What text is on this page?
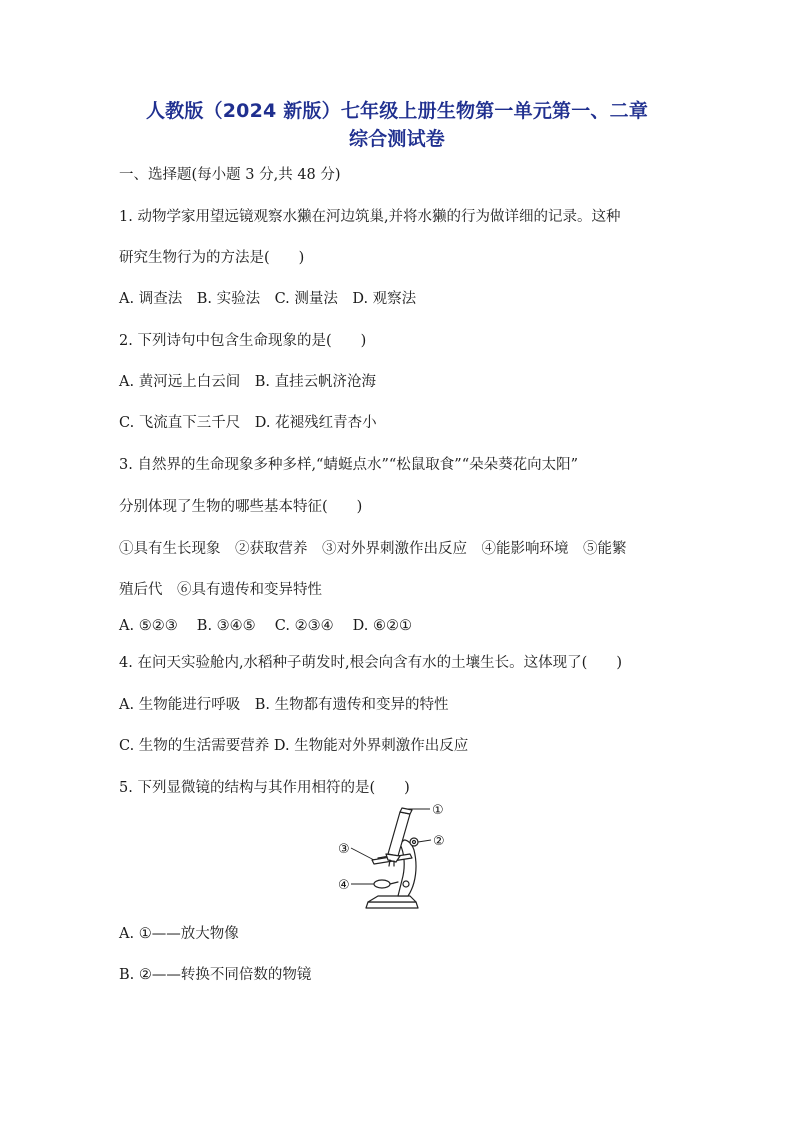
人教版（2024 新版）七年级上册生物第一单元第一、二章
综合测试卷
一、选择题(每小题 3 分,共 48 分)
1. 动物学家用望远镜观察水獭在河边筑巢,并将水獭的行为做详细的记录。这种
研究生物行为的方法是(　　)
A. 调查法　B. 实验法　C. 测量法　D. 观察法
2. 下列诗句中包含生命现象的是(　　)
A. 黄河远上白云间　B. 直挂云帆济沧海
C. 飞流直下三千尺　D. 花褪残红青杏小
3. 自然界的生命现象多种多样,“蜻蜓点水”“松鼠取食”“朵朵葵花向太阳”
分别体现了生物的哪些基本特征(　　)
①具有生长现象　②获取营养　③对外界刺激作出反应　④能影响环境　⑤能繁
殖后代　⑥具有遗传和变异特性
A. ⑤②③　 B. ③④⑤　 C. ②③④　 D. ⑥②①
4. 在问天实验舱内,水稻种子萌发时,根会向含有水的土壤生长。这体现了(　　)
A. 生物能进行呼吸　B. 生物都有遗传和变异的特性
C. 生物的生活需要营养 D. 生物能对外界刺激作出反应
5. 下列显微镜的结构与其作用相符的是(　　)
①
②
③
④
A. ①——放大物像
B. ②——转换不同倍数的物镜
